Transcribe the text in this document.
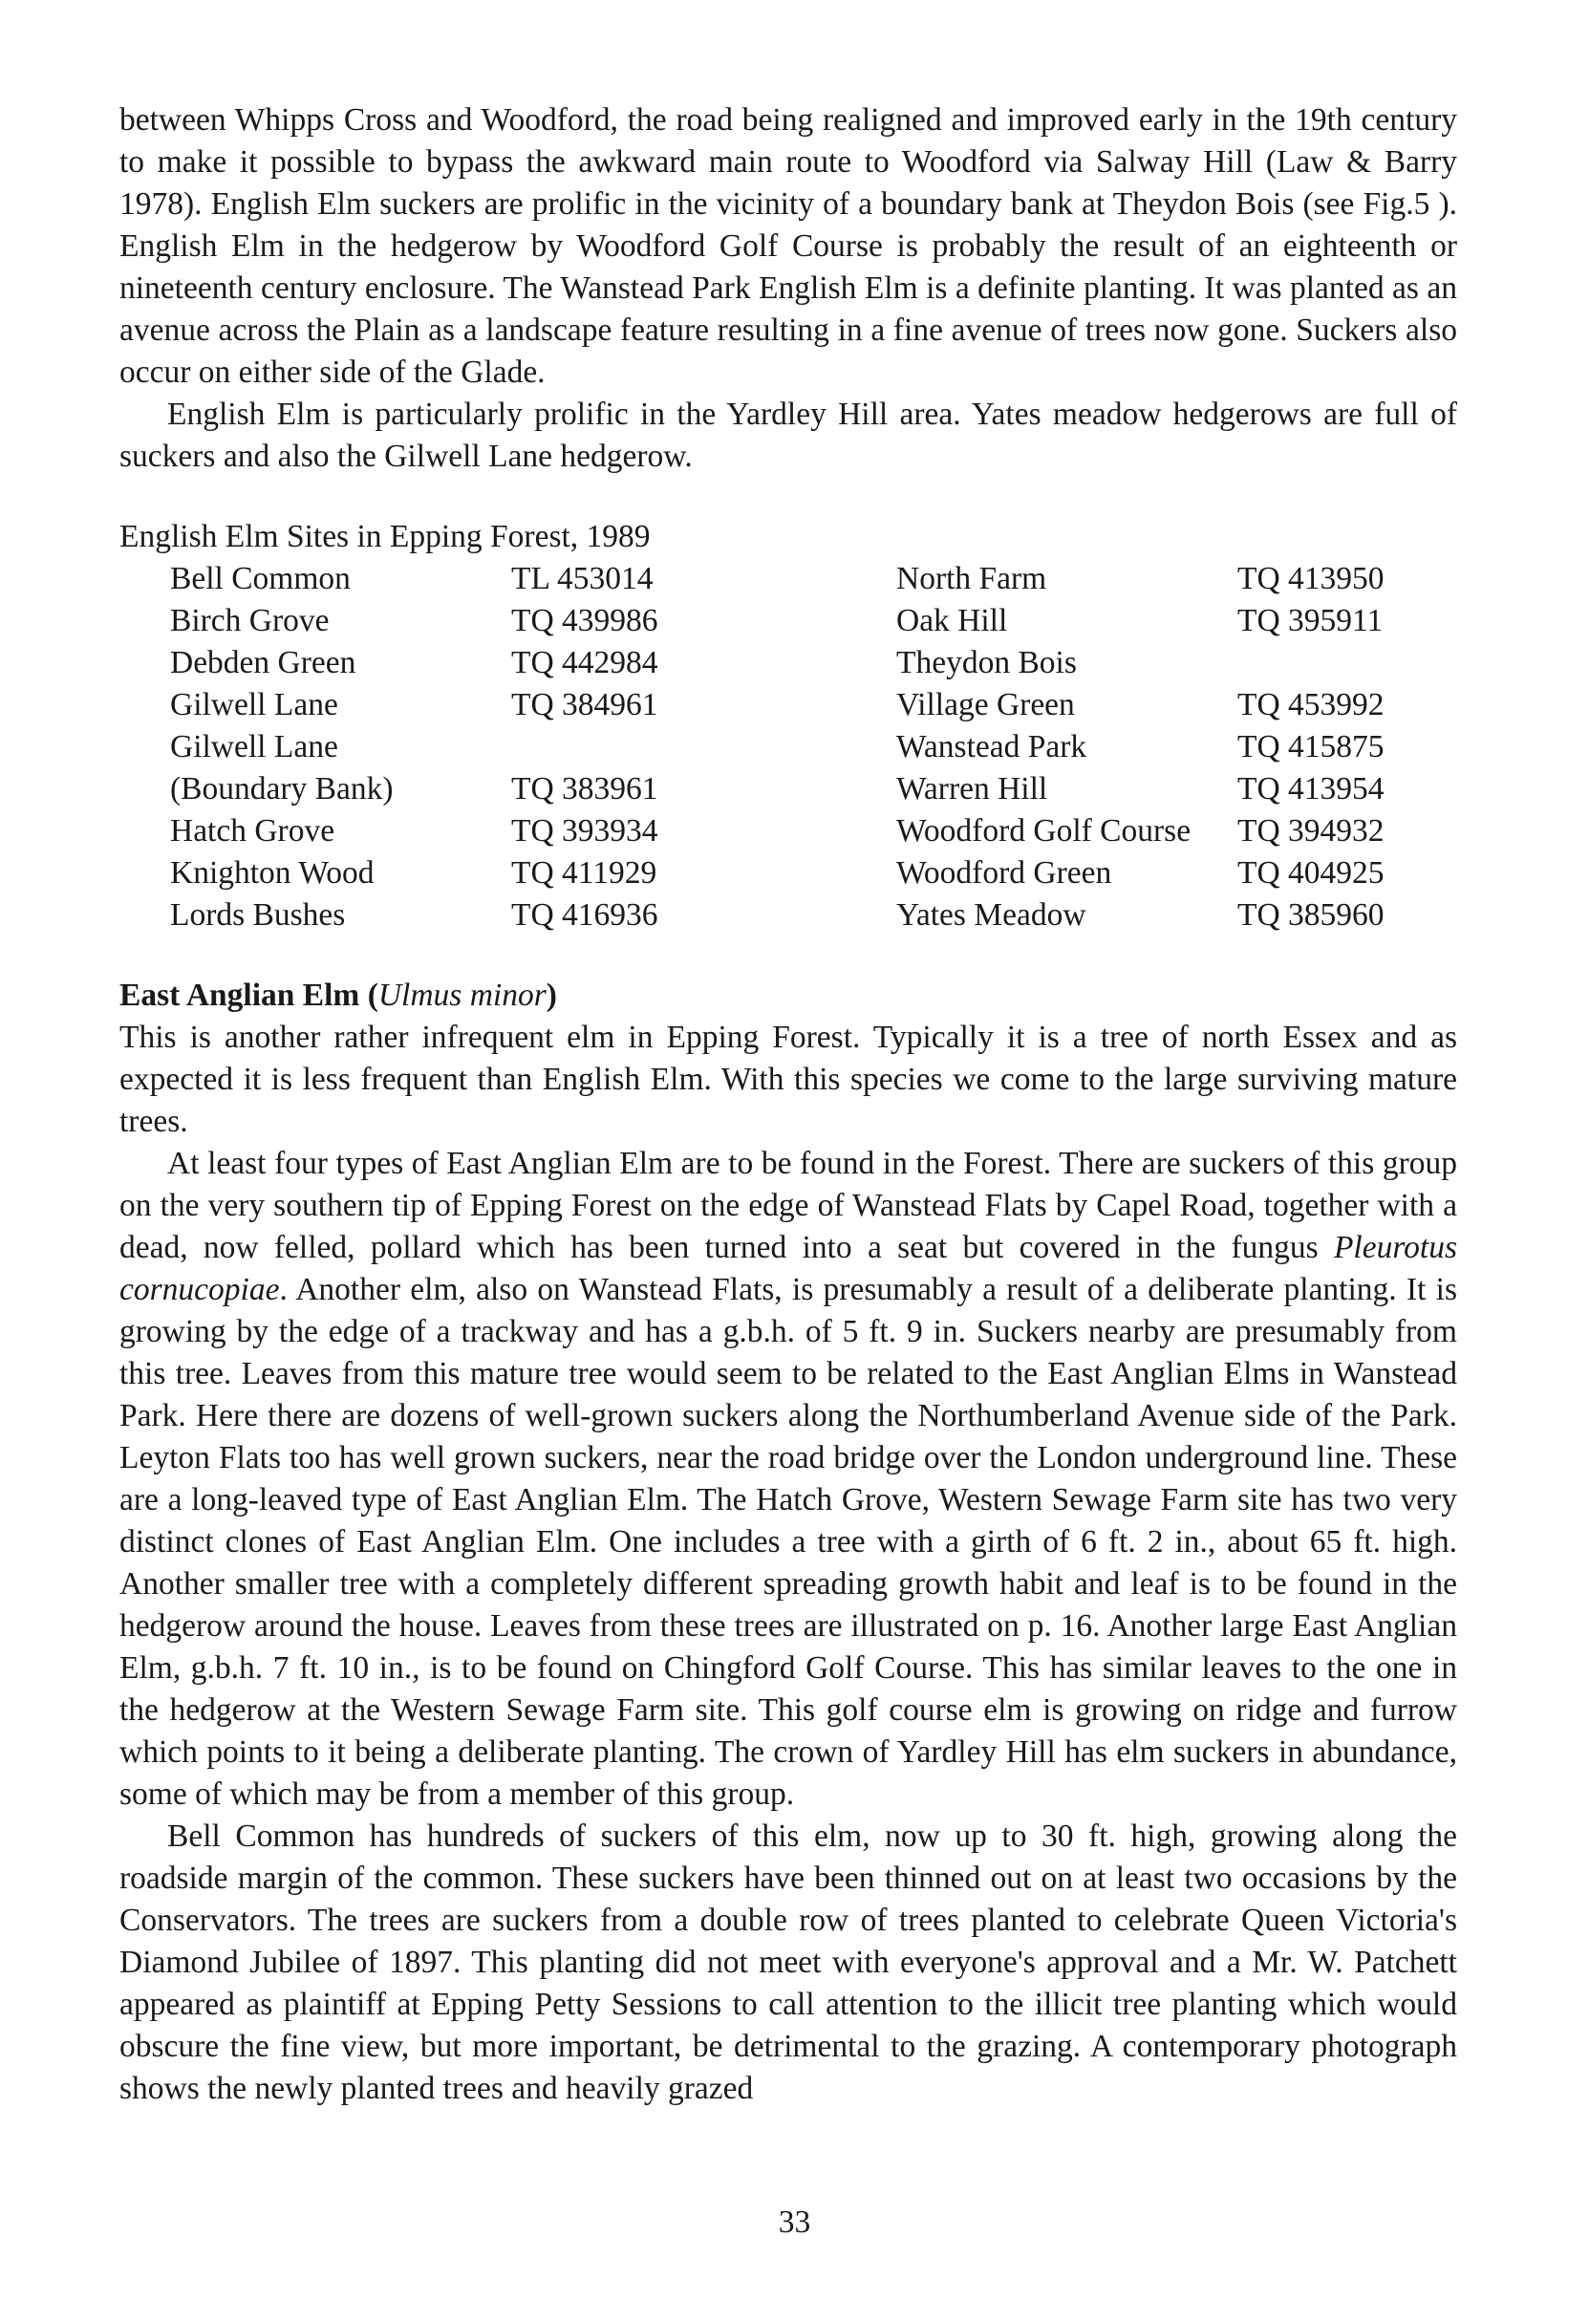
between Whipps Cross and Woodford, the road being realigned and improved early in the 19th century to make it possible to bypass the awkward main route to Woodford via Salway Hill (Law & Barry 1978). English Elm suckers are prolific in the vicinity of a boundary bank at Theydon Bois (see Fig.5 ). English Elm in the hedgerow by Woodford Golf Course is probably the result of an eighteenth or nineteenth century enclosure. The Wanstead Park English Elm is a definite planting. It was planted as an avenue across the Plain as a landscape feature resulting in a fine avenue of trees now gone. Suckers also occur on either side of the Glade.

English Elm is particularly prolific in the Yardley Hill area. Yates meadow hedgerows are full of suckers and also the Gilwell Lane hedgerow.

English Elm Sites in Epping Forest, 1989

Bell Common	TL 453014	North Farm	TQ 413950
Birch Grove	TQ 439986	Oak Hill	TQ 395911
Debden Green	TQ 442984	Theydon Bois	
Gilwell Lane	TQ 384961	Village Green	TQ 453992
Gilwell Lane		Wanstead Park	TQ 415875
(Boundary Bank)	TQ 383961	Warren Hill	TQ 413954
Hatch Grove	TQ 393934	Woodford Golf Course	TQ 394932
Knighton Wood	TQ 411929	Woodford Green	TQ 404925
Lords Bushes	TQ 416936	Yates Meadow	TQ 385960
East Anglian Elm (Ulmus minor)

This is another rather infrequent elm in Epping Forest. Typically it is a tree of north Essex and as expected it is less frequent than English Elm. With this species we come to the large surviving mature trees.

At least four types of East Anglian Elm are to be found in the Forest. There are suckers of this group on the very southern tip of Epping Forest on the edge of Wanstead Flats by Capel Road, together with a dead, now felled, pollard which has been turned into a seat but covered in the fungus Pleurotus cornucopiae. Another elm, also on Wanstead Flats, is presumably a result of a deliberate planting. It is growing by the edge of a trackway and has a g.b.h. of 5 ft. 9 in. Suckers nearby are presumably from this tree. Leaves from this mature tree would seem to be related to the East Anglian Elms in Wanstead Park. Here there are dozens of well-grown suckers along the Northumberland Avenue side of the Park. Leyton Flats too has well grown suckers, near the road bridge over the London underground line. These are a long-leaved type of East Anglian Elm. The Hatch Grove, Western Sewage Farm site has two very distinct clones of East Anglian Elm. One includes a tree with a girth of 6 ft. 2 in., about 65 ft. high. Another smaller tree with a completely different spreading growth habit and leaf is to be found in the hedgerow around the house. Leaves from these trees are illustrated on p. 16. Another large East Anglian Elm, g.b.h. 7 ft. 10 in., is to be found on Chingford Golf Course. This has similar leaves to the one in the hedgerow at the Western Sewage Farm site. This golf course elm is growing on ridge and furrow which points to it being a deliberate planting. The crown of Yardley Hill has elm suckers in abundance, some of which may be from a member of this group.

Bell Common has hundreds of suckers of this elm, now up to 30 ft. high, growing along the roadside margin of the common. These suckers have been thinned out on at least two occasions by the Conservators. The trees are suckers from a double row of trees planted to celebrate Queen Victoria's Diamond Jubilee of 1897. This planting did not meet with everyone's approval and a Mr. W. Patchett appeared as plaintiff at Epping Petty Sessions to call attention to the illicit tree planting which would obscure the fine view, but more important, be detrimental to the grazing. A contemporary photograph shows the newly planted trees and heavily grazed

33
